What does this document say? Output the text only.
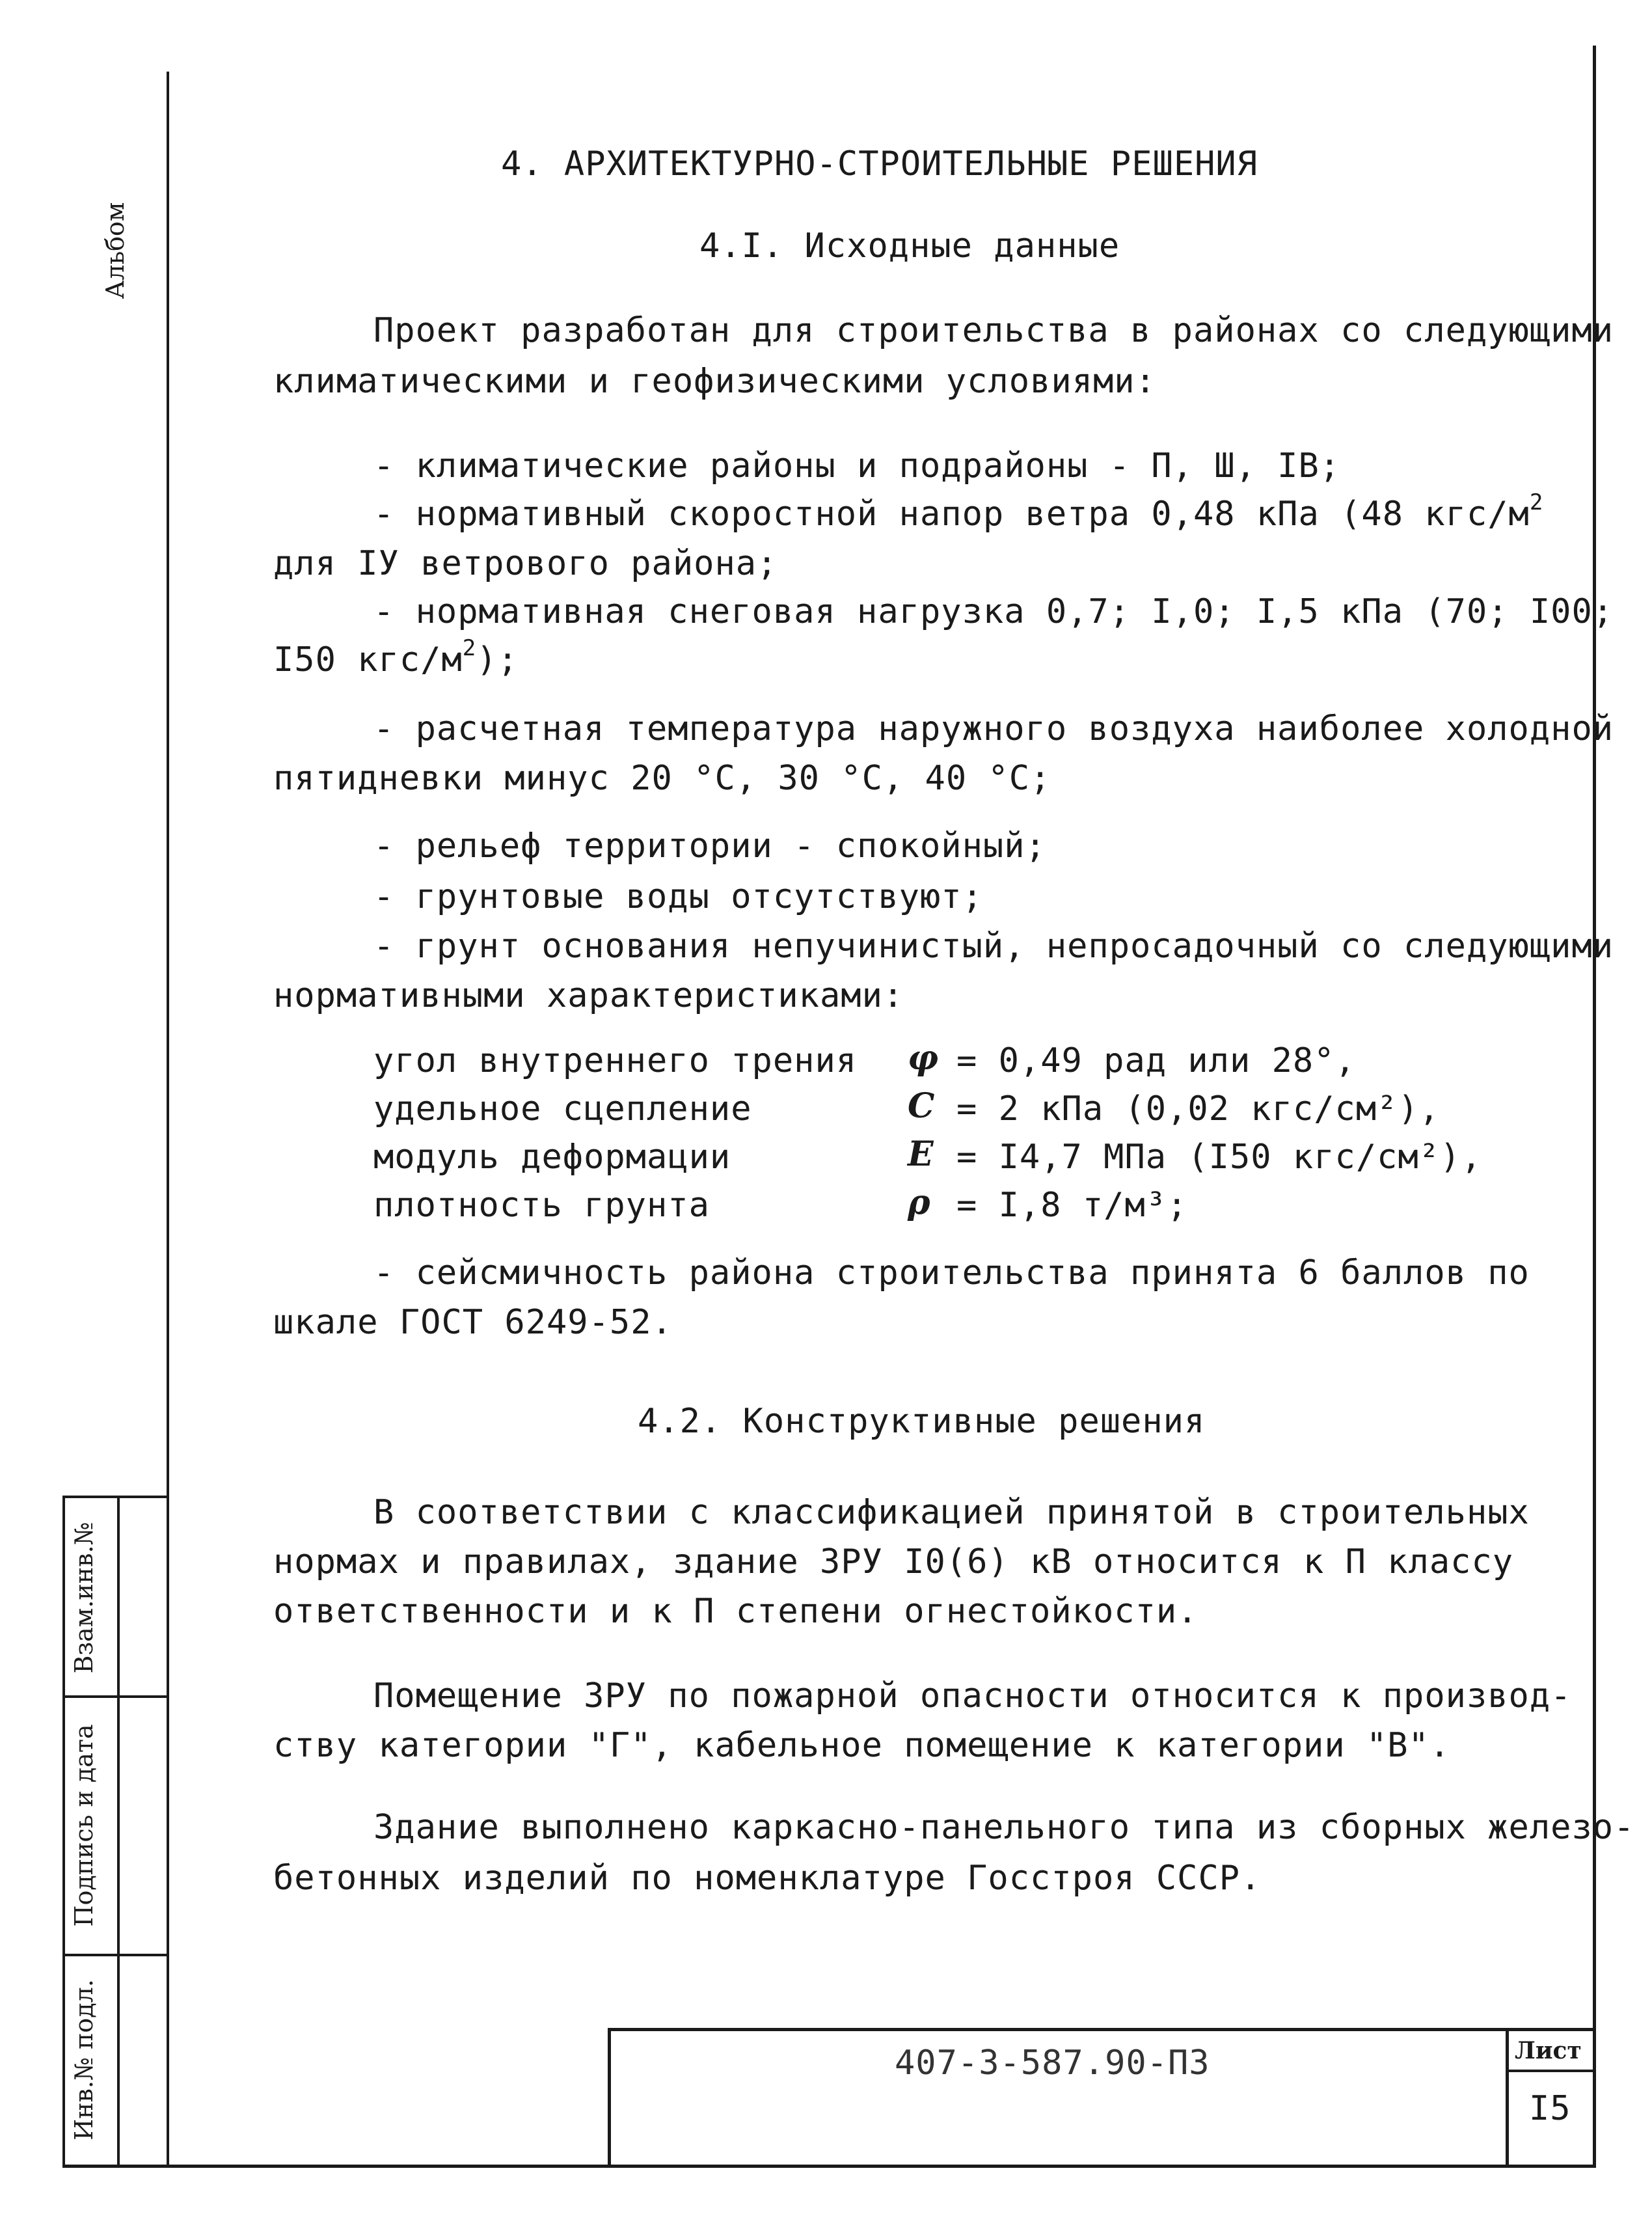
Альбом
Взам.инв.№
Подпись и дата
Инв.№ подл.
4. АРХИТЕКТУРНО-СТРОИТЕЛЬНЫЕ РЕШЕНИЯ
4.I. Исходные данные
Проект разработан для строительства в районах со следующими
климатическими и геофизическими условиями:
- климатические районы и подрайоны - П, Ш, IВ;
- нормативный скоростной напор ветра 0,48 кПа (48 кгс/$м^2$
для IУ ветрового района;
- нормативная снеговая нагрузка 0,7; I,0; I,5 кПа (70; I00;
I50 кгс/$м^2$);
- расчетная температура наружного воздуха наиболее холодной
пятидневки минус 20 °С, 30 °С, 40 °С;
- рельеф территории - спокойный;
- грунтовые воды отсутствуют;
- грунт основания непучинистый, непросадочный со следующими
нормативными характеристиками:
угол внутреннего трения φ = 0,49 рад или 28°,
удельное сцепление	C = 2 кПа (0,02 кгс/см²),
модуль деформации	E = I4,7 МПа (I50 кгс/см²),
плотность грунта	ρ = I,8 т/м³;
- сейсмичность района строительства принята 6 баллов по
шкале ГОСТ 6249-52.
4.2. Конструктивные решения
В соответствии с классификацией принятой в строительных
нормах и правилах, здание ЗРУ I0(6) кВ относится к П классу
ответственности и к П степени огнестойкости.
Помещение ЗРУ по пожарной опасности относится к производ-
ству категории "Г", кабельное помещение к категории "В".
Здание выполнено каркасно-панельного типа из сборных железо-
бетонных изделий по номенклатуре Госстроя СССР.
407-3-587.90-ПЗ	Лист
I5
